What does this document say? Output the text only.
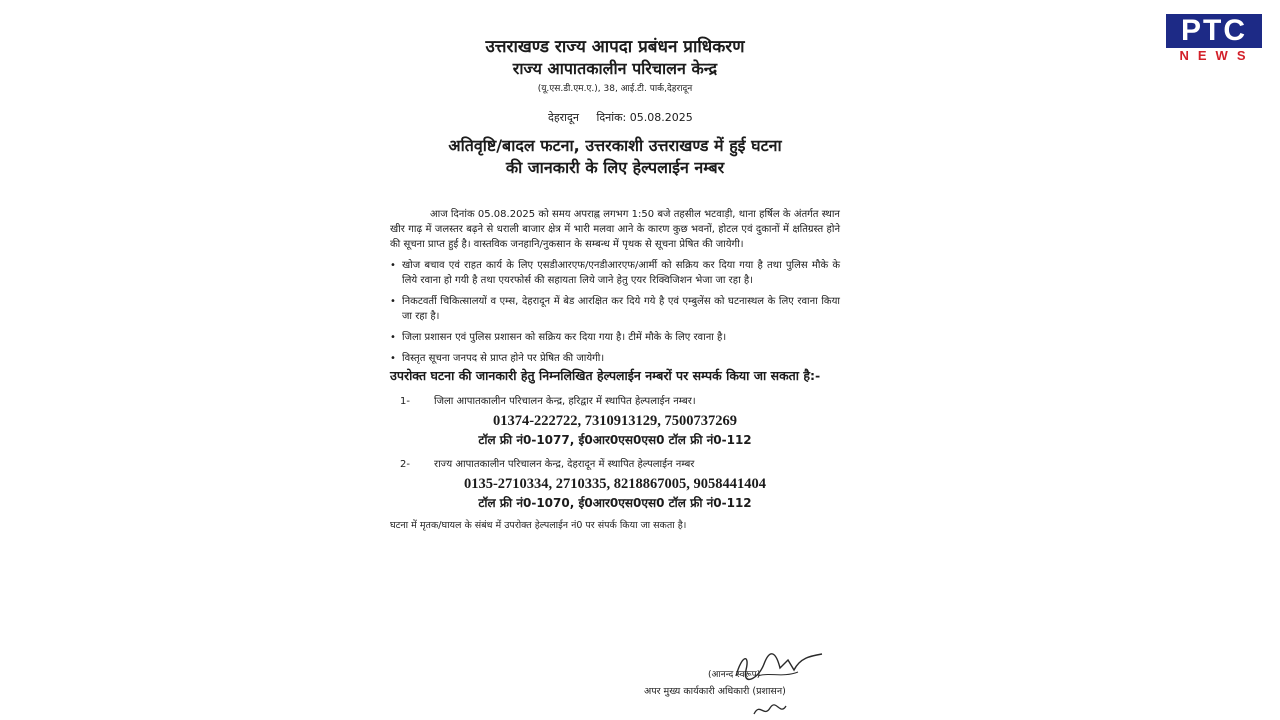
PTC
NEWS
उत्तराखण्ड राज्य आपदा प्रबंधन प्राधिकरण
राज्य आपातकालीन परिचालन केन्द्र
(यू.एस.डी.एम.ए.), 38, आई.टी. पार्क,देहरादून
देहरादून दिनांक: 05.08.2025
अतिवृष्टि/बादल फटना, उत्तरकाशी उत्तराखण्ड में हुई घटना
की जानकारी के लिए हेल्पलाईन नम्बर
आज दिनांक 05.08.2025 को समय अपराह्न लगभग 1:50 बजे तहसील भटवाड़ी, थाना हर्षिल के अंतर्गत स्थान खीर गाढ़ में जलस्तर बढ़ने से धराली बाजार क्षेत्र में भारी मलवा आने के कारण कुछ भवनों, होटल एवं दुकानों में क्षतिग्रस्त होने की सूचना प्राप्त हुई है। वास्तविक जनहानि/नुकसान के सम्बन्ध में पृथक से सूचना प्रेषित की जायेगी।
• खोज बचाव एवं राहत कार्य के लिए एसडीआरएफ/एनडीआरएफ/आर्मी को सक्रिय कर दिया गया है तथा पुलिस मौके के लिये रवाना हो गयी है तथा एयरफोर्स की सहायता लिये जाने हेतु एयर रिक्विजिशन भेजा जा रहा है।
• निकटवर्ती चिकित्सालयों व एम्स, देहरादून में बेड आरक्षित कर दिये गये है एवं एम्बुलेंस को घटनास्थल के लिए रवाना किया जा रहा है।
• जिला प्रशासन एवं पुलिस प्रशासन को सक्रिय कर दिया गया है। टीमें मौके के लिए रवाना है।
• विस्तृत सूचना जनपद से प्राप्त होने पर प्रेषित की जायेगी।
उपरोक्त घटना की जानकारी हेतु निम्नलिखित हेल्पलाईन नम्बरों पर सम्पर्क किया जा सकता है:-
1- जिला आपातकालीन परिचालन केन्द्र, हरिद्वार में स्थापित हेल्पलाईन नम्बर।
01374-222722, 7310913129, 7500737269
टॉल फ्री नं0-1077, ई0आर0एस0एस0 टॉल फ्री नं0-112
2- राज्य आपातकालीन परिचालन केन्द्र, देहरादून में स्थापित हेल्पलाईन नम्बर
0135-2710334, 2710335, 8218867005, 9058441404
टॉल फ्री नं0-1070, ई0आर0एस0एस0 टॉल फ्री नं0-112
घटना में मृतक/घायल के संबंध में उपरोक्त हेल्पलाईन नं0 पर संपर्क किया जा सकता है।
(आनन्द स्वरूप)
अपर मुख्य कार्यकारी अधिकारी (प्रशासन)
